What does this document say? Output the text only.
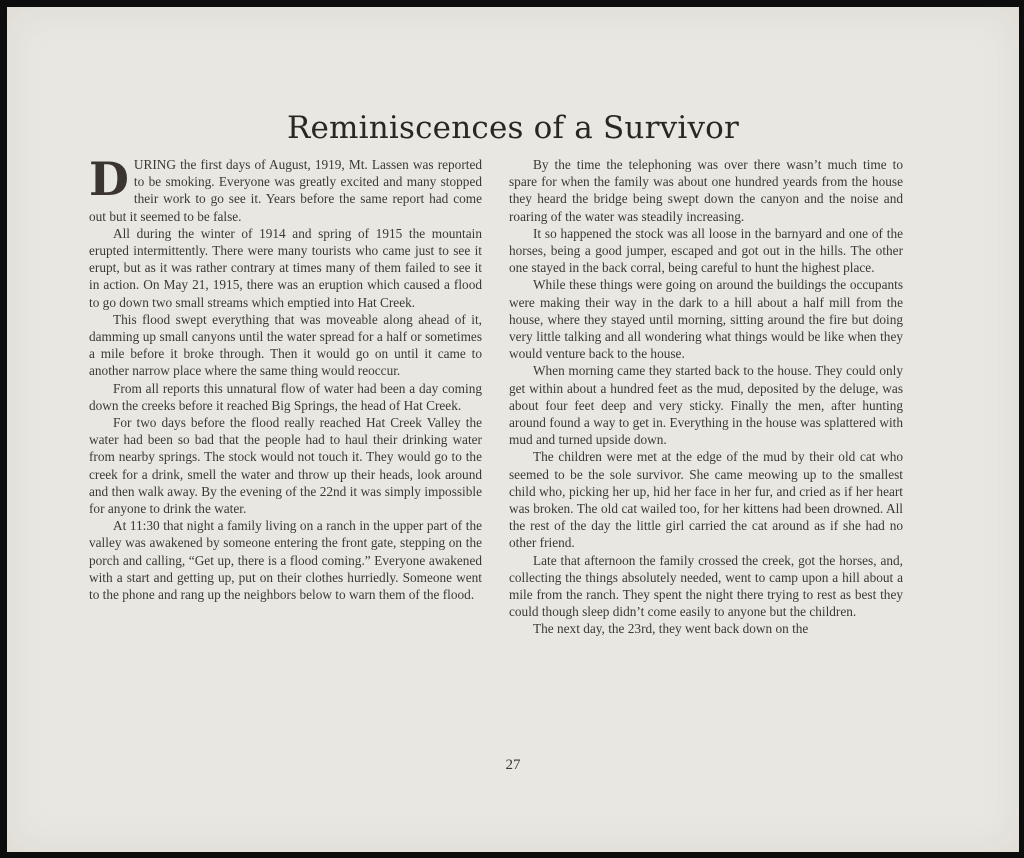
Reminiscences of a Survivor

DURING the first days of August, 1919, Mt. Lassen was reported to be smoking. Everyone was greatly excited and many stopped their work to go see it. Years before the same report had come out but it seemed to be false.

All during the winter of 1914 and spring of 1915 the mountain erupted intermittently. There were many tourists who came just to see it erupt, but as it was rather contrary at times many of them failed to see it in action. On May 21, 1915, there was an eruption which caused a flood to go down two small streams which emptied into Hat Creek.

This flood swept everything that was moveable along ahead of it, damming up small canyons until the water spread for a half or sometimes a mile before it broke through. Then it would go on until it came to another narrow place where the same thing would reoccur.

From all reports this unnatural flow of water had been a day coming down the creeks before it reached Big Springs, the head of Hat Creek.

For two days before the flood really reached Hat Creek Valley the water had been so bad that the people had to haul their drinking water from nearby springs. The stock would not touch it. They would go to the creek for a drink, smell the water and throw up their heads, look around and then walk away. By the evening of the 22nd it was simply impossible for anyone to drink the water.

At 11:30 that night a family living on a ranch in the upper part of the valley was awakened by someone entering the front gate, stepping on the porch and calling, “Get up, there is a flood coming.” Everyone awakened with a start and getting up, put on their clothes hurriedly. Someone went to the phone and rang up the neighbors below to warn them of the flood.

By the time the telephoning was over there wasn’t much time to spare for when the family was about one hundred yeards from the house they heard the bridge being swept down the canyon and the noise and roaring of the water was steadily increasing.

It so happened the stock was all loose in the barnyard and one of the horses, being a good jumper, escaped and got out in the hills. The other one stayed in the back corral, being careful to hunt the highest place.

While these things were going on around the buildings the occupants were making their way in the dark to a hill about a half mill from the house, where they stayed until morning, sitting around the fire but doing very little talking and all wondering what things would be like when they would venture back to the house.

When morning came they started back to the house. They could only get within about a hundred feet as the mud, deposited by the deluge, was about four feet deep and very sticky. Finally the men, after hunting around found a way to get in. Everything in the house was splattered with mud and turned upside down.

The children were met at the edge of the mud by their old cat who seemed to be the sole survivor. She came meowing up to the smallest child who, picking her up, hid her face in her fur, and cried as if her heart was broken. The old cat wailed too, for her kittens had been drowned. All the rest of the day the little girl carried the cat around as if she had no other friend.

Late that afternoon the family crossed the creek, got the horses, and, collecting the things absolutely needed, went to camp upon a hill about a mile from the ranch. They spent the night there trying to rest as best they could though sleep didn’t come easily to anyone but the children.

The next day, the 23rd, they went back down on the

27
